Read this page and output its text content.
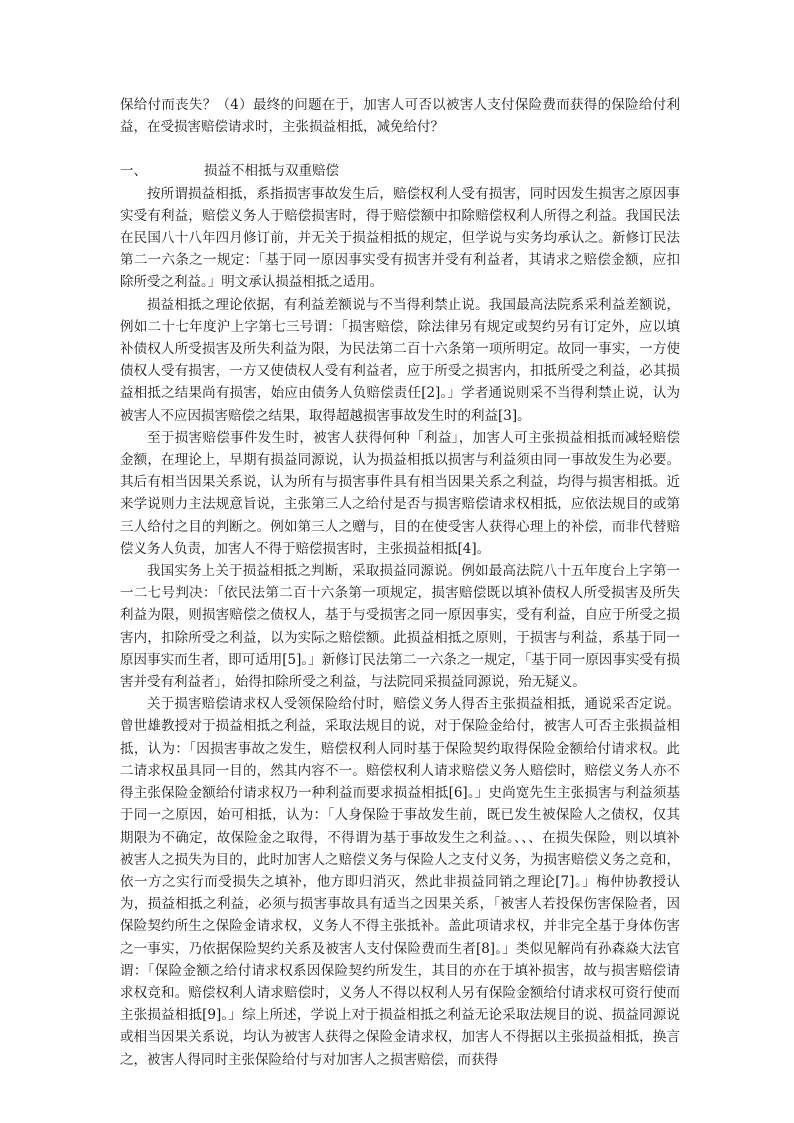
保给付而丧失？（4）最终的问题在于，加害人可否以被害人支付保险费而获得的保险给付利益，在受损害赔偿请求时，主张损益相抵，减免给付？

一、	损益不相抵与双重赔偿

按所谓损益相抵，系指损害事故发生后，赔偿权利人受有损害，同时因发生损害之原因事实受有利益，赔偿义务人于赔偿损害时，得于赔偿额中扣除赔偿权利人所得之利益。我国民法在民国八十八年四月修订前，并无关于损益相抵的规定，但学说与实务均承认之。新修订民法第二一六条之一规定：「基于同一原因事实受有损害并受有利益者，其请求之赔偿金额，应扣除所受之利益。」明文承认损益相抵之适用。

损益相抵之理论依据，有利益差额说与不当得利禁止说。我国最高法院系采利益差额说，例如二十七年度沪上字第七三号谓：「损害赔偿，除法律另有规定或契约另有订定外，应以填补债权人所受损害及所失利益为限，为民法第二百十六条第一项所明定。故同一事实，一方使债权人受有损害，一方又使债权人受有利益者，应于所受之损害内，扣抵所受之利益，必其损益相抵之结果尚有损害，始应由债务人负赔偿责任[2]。」学者通说则采不当得利禁止说，认为被害人不应因损害赔偿之结果，取得超越损害事故发生时的利益[3]。

至于损害赔偿事件发生时，被害人获得何种「利益」，加害人可主张损益相抵而减轻赔偿金额，在理论上，早期有损益同源说，认为损益相抵以损害与利益须由同一事故发生为必要。其后有相当因果关系说，认为所有与损害事件具有相当因果关系之利益，均得与损害相抵。近来学说则力主法规意旨说，主张第三人之给付是否与损害赔偿请求权相抵，应依法规目的或第三人给付之目的判断之。例如第三人之赠与，目的在使受害人获得心理上的补偿，而非代替赔偿义务人负责，加害人不得于赔偿损害时，主张损益相抵[4]。

我国实务上关于损益相抵之判断，采取损益同源说。例如最高法院八十五年度台上字第一一二七号判决：「依民法第二百十六条第一项规定，损害赔偿既以填补债权人所受损害及所失利益为限，则损害赔偿之债权人，基于与受损害之同一原因事实，受有利益，自应于所受之损害内，扣除所受之利益，以为实际之赔偿额。此损益相抵之原则，于损害与利益，系基于同一原因事实而生者，即可适用[5]。」新修订民法第二一六条之一规定，「基于同一原因事实受有损害并受有利益者」，始得扣除所受之利益，与法院同采损益同源说，殆无疑义。

关于损害赔偿请求权人受领保险给付时，赔偿义务人得否主张损益相抵，通说采否定说。曾世雄教授对于损益相抵之利益，采取法规目的说，对于保险金给付，被害人可否主张损益相抵，认为：「因损害事故之发生，赔偿权利人同时基于保险契约取得保险金额给付请求权。此二请求权虽具同一目的，然其内容不一。赔偿权利人请求赔偿义务人赔偿时，赔偿义务人亦不得主张保险金额给付请求权乃一种利益而要求损益相抵[6]。」史尚宽先生主张损害与利益须基于同一之原因，始可相抵，认为：「人身保险于事故发生前，既已发生被保险人之债权，仅其期限为不确定，故保险金之取得，不得谓为基于事故发生之利益。、、、在损失保险，则以填补被害人之损失为目的，此时加害人之赔偿义务与保险人之支付义务，为损害赔偿义务之竞和，依一方之实行而受损失之填补，他方即归消灭，然此非损益同销之理论[7]。」梅仲协教授认为，损益相抵之利益，必须与损害事故具有适当之因果关系，「被害人若投保伤害保险者，因保险契约所生之保险金请求权，义务人不得主张抵补。盖此项请求权，并非完全基于身体伤害之一事实，乃依据保险契约关系及被害人支付保险费而生者[8]。」类似见解尚有孙森焱大法官谓：「保险金额之给付请求权系因保险契约所发生，其目的亦在于填补损害，故与损害赔偿请求权竞和。赔偿权利人请求赔偿时，义务人不得以权利人另有保险金额给付请求权可资行使而主张损益相抵[9]。」综上所述，学说上对于损益相抵之利益无论采取法规目的说、损益同源说或相当因果关系说，均认为被害人获得之保险金请求权，加害人不得据以主张损益相抵，换言之，被害人得同时主张保险给付与对加害人之损害赔偿，而获得
